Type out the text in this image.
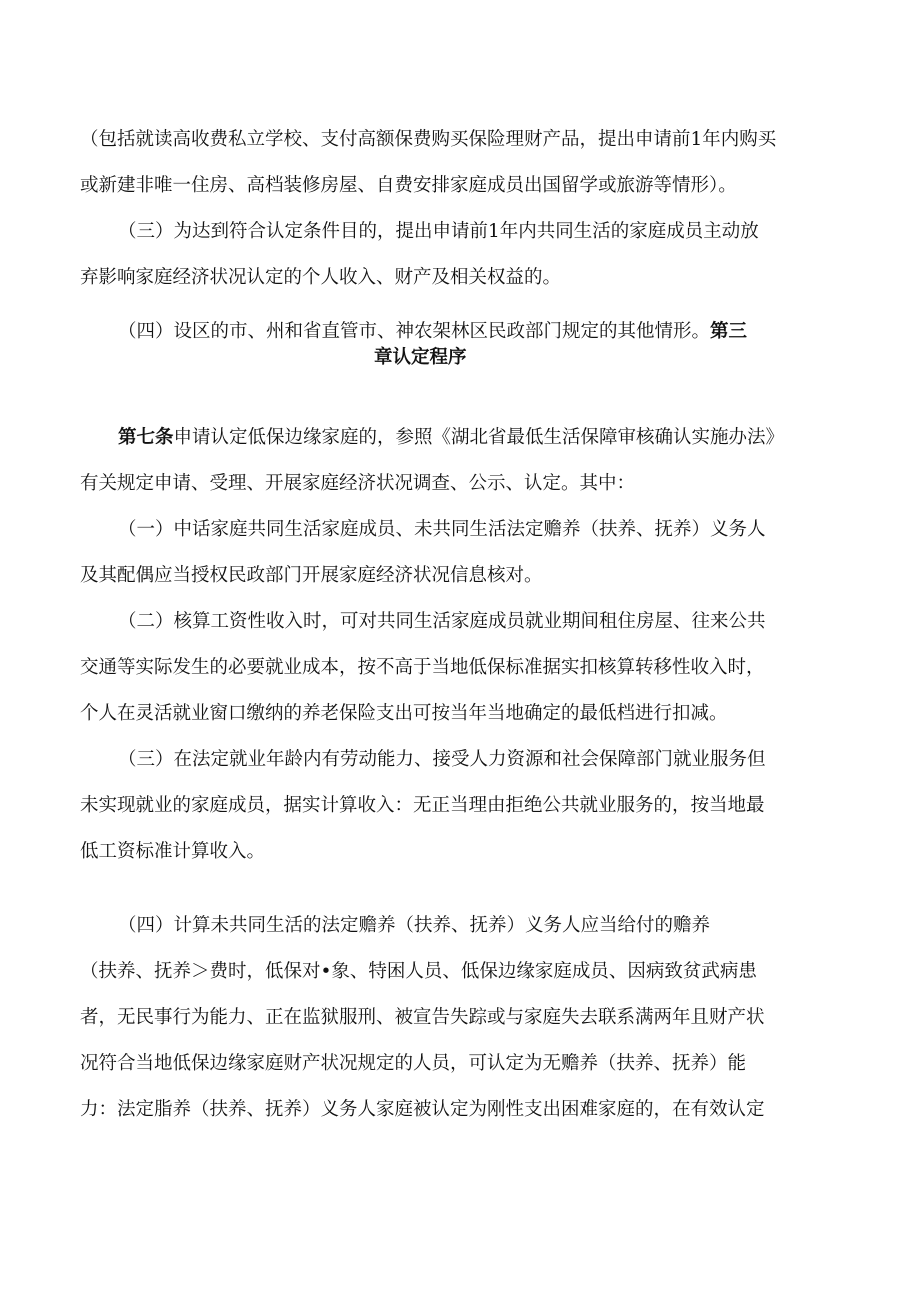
（包括就读高收费私立学校、支付高额保费购买保险理财产品，提出申请前1年内购买
或新建非唯一住房、高档装修房屋、自费安排家庭成员出国留学或旅游等情形）。
（三）为达到符合认定条件目的，提出申请前1年内共同生活的家庭成员主动放
弃影响家庭经济状况认定的个人收入、财产及相关权益的。
（四）设区的市、州和省直管市、神农架林区民政部门规定的其他情形。第三
章认定程序
第七条申请认定低保边缘家庭的，参照《湖北省最低生活保障审核确认实施办法》
有关规定申请、受理、开展家庭经济状况调查、公示、认定。其中：
（一）中话家庭共同生活家庭成员、未共同生活法定赡养（扶养、抚养）义务人
及其配偶应当授权民政部门开展家庭经济状况信息核对。
（二）核算工资性收入时，可对共同生活家庭成员就业期间租住房屋、往来公共
交通等实际发生的必要就业成本，按不高于当地低保标准据实扣核算转移性收入时，
个人在灵活就业窗口缴纳的养老保险支出可按当年当地确定的最低档进行扣减。
（三）在法定就业年龄内有劳动能力、接受人力资源和社会保障部门就业服务但
未实现就业的家庭成员，据实计算收入：无正当理由拒绝公共就业服务的，按当地最
低工资标准计算收入。
（四）计算未共同生活的法定赡养（扶养、抚养）义务人应当给付的赡养
（扶养、抚养＞费时，低保对•象、特困人员、低保边缘家庭成员、因病致贫武病患
者，无民事行为能力、正在监狱服刑、被宣告失踪或与家庭失去联系满两年且财产状
况符合当地低保边缘家庭财产状况规定的人员，可认定为无赡养（扶养、抚养）能
力：法定脂养（扶养、抚养）义务人家庭被认定为刚性支出困难家庭的，在有效认定
